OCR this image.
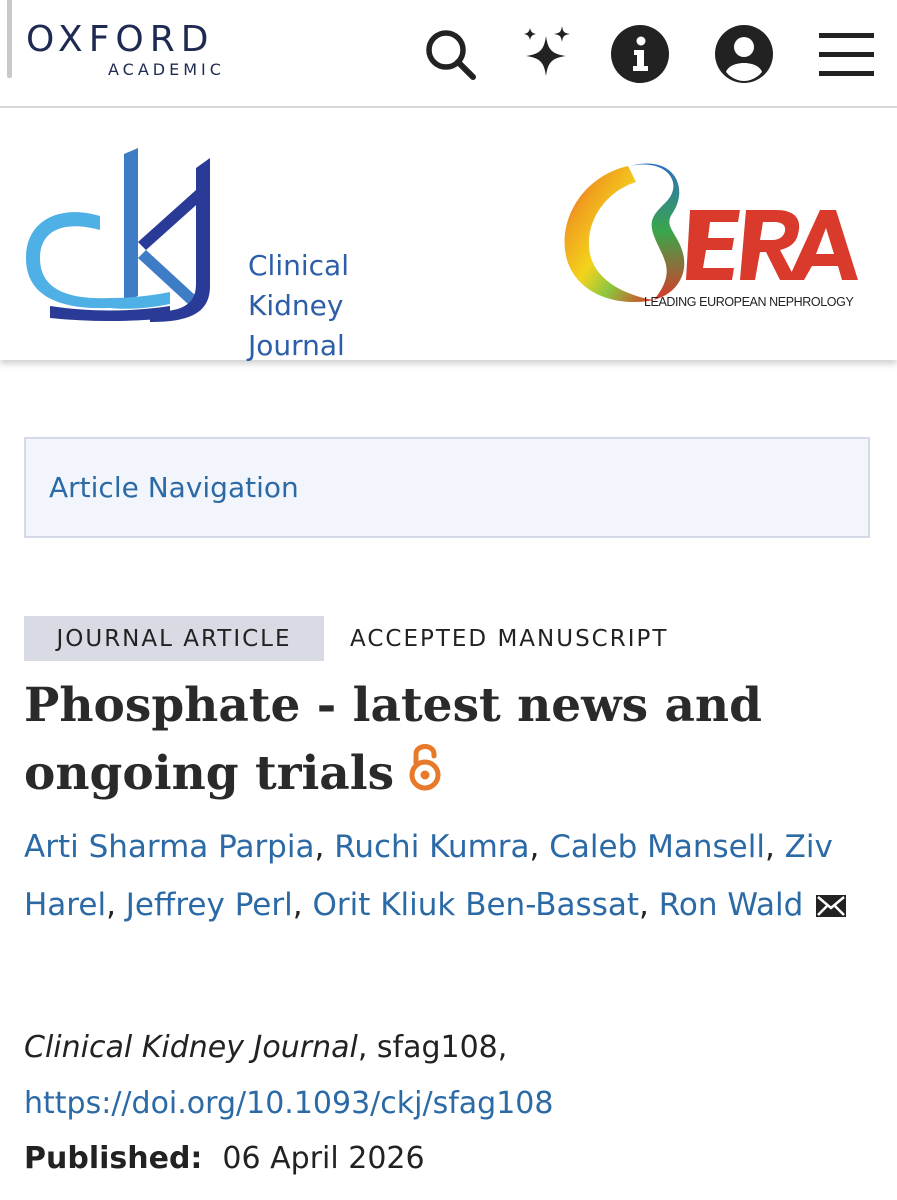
OXFORD
ACADEMIC
Clinical
Kidney
Journal
LEADING EUROPEAN NEPHROLOGY
Article Navigation
JOURNAL ARTICLE	ACCEPTED MANUSCRIPT
Phosphate - latest news and ongoing trials
Arti Sharma Parpia, Ruchi Kumra, Caleb Mansell, Ziv Harel, Jeffrey Perl, Orit Kliuk Ben-Bassat, Ron Wald
Clinical Kidney Journal, sfag108,
https://doi.org/10.1093/ckj/sfag108
Published: 06 April 2026
